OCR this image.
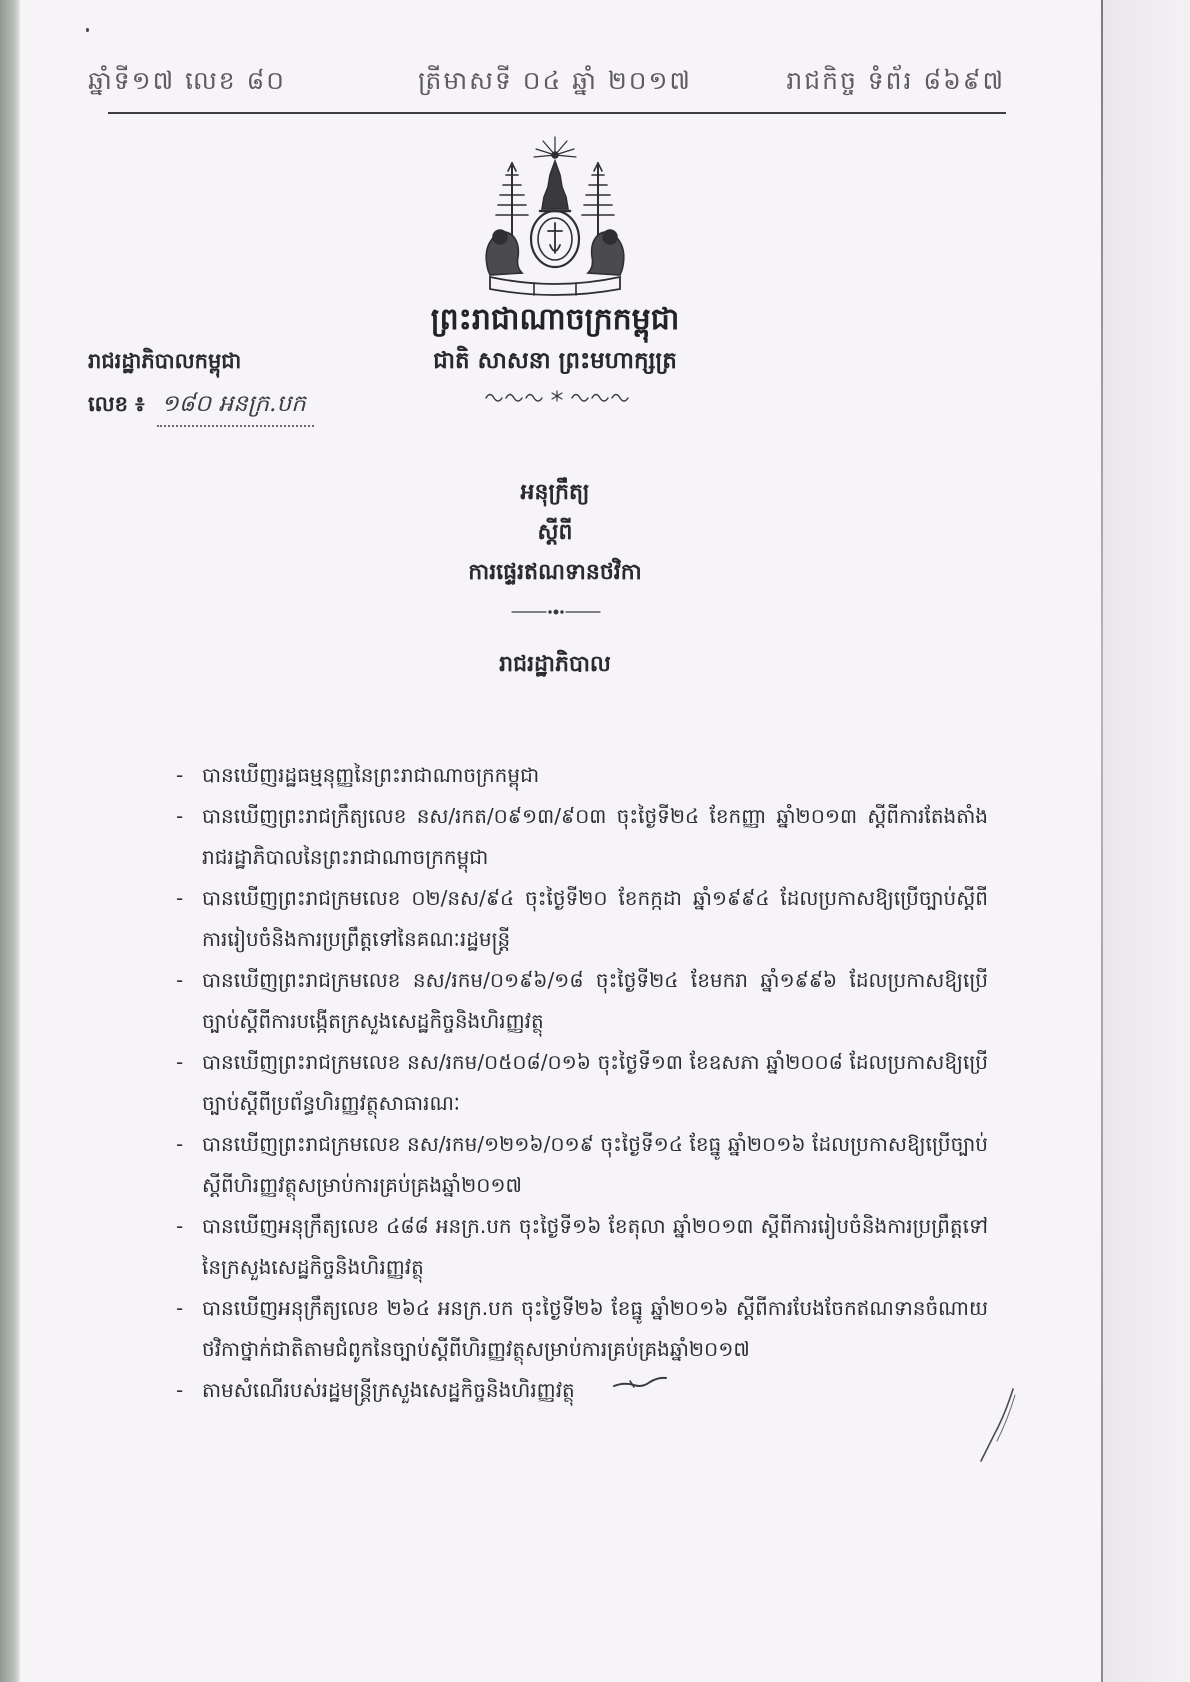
ឆ្នាំទី១៧ លេខ ៨០	ត្រីមាសទី ០៤ ឆ្នាំ ២០១៧	រាជកិច្ច ទំព័រ ៨៦៩៧
ព្រះរាជាណាចក្រកម្ពុជា
ជាតិ សាសនា ព្រះមហាក្សត្រ
រាជរដ្ឋាភិបាលកម្ពុជា
លេខ ៖ ១៨០ អនក្រ.បក
អនុក្រឹត្យ
ស្តីពី
ការផ្ទេរឥណទានថវិកា
រាជរដ្ឋាភិបាល

- បានឃើញរដ្ឋធម្មនុញ្ញនៃព្រះរាជាណាចក្រកម្ពុជា

- បានឃើញព្រះរាជក្រឹត្យលេខ នស/រកត/០៩១៣/៩០៣ ចុះថ្ងៃទី២៤ ខែកញ្ញា ឆ្នាំ២០១៣ ស្តីពីការតែងតាំងរាជរដ្ឋាភិបាលនៃព្រះរាជាណាចក្រកម្ពុជា

- បានឃើញព្រះរាជក្រមលេខ ០២/នស/៩៤ ចុះថ្ងៃទី២០ ខែកក្កដា ឆ្នាំ១៩៩៤ ដែលប្រកាសឱ្យប្រើច្បាប់ស្តីពីការរៀបចំនិងការប្រព្រឹត្តទៅនៃគណៈរដ្ឋមន្ត្រី

- បានឃើញព្រះរាជក្រមលេខ នស/រកម/០១៩៦/១៨ ចុះថ្ងៃទី២៤ ខែមករា ឆ្នាំ១៩៩៦ ដែលប្រកាសឱ្យប្រើច្បាប់ស្តីពីការបង្កើតក្រសួងសេដ្ឋកិច្ចនិងហិរញ្ញវត្ថុ

- បានឃើញព្រះរាជក្រមលេខ នស/រកម/០៥០៨/០១៦ ចុះថ្ងៃទី១៣ ខែឧសភា ឆ្នាំ២០០៨ ដែលប្រកាសឱ្យប្រើច្បាប់ស្តីពីប្រព័ន្ធហិរញ្ញវត្ថុសាធារណៈ

- បានឃើញព្រះរាជក្រមលេខ នស/រកម/១២១៦/០១៩ ចុះថ្ងៃទី១៤ ខែធ្នូ ឆ្នាំ២០១៦ ដែលប្រកាសឱ្យប្រើច្បាប់ស្តីពីហិរញ្ញវត្ថុសម្រាប់ការគ្រប់គ្រងឆ្នាំ២០១៧

- បានឃើញអនុក្រឹត្យលេខ ៤៨៨ អនក្រ.បក ចុះថ្ងៃទី១៦ ខែតុលា ឆ្នាំ២០១៣ ស្តីពីការរៀបចំនិងការប្រព្រឹត្តទៅនៃក្រសួងសេដ្ឋកិច្ចនិងហិរញ្ញវត្ថុ

- បានឃើញអនុក្រឹត្យលេខ ២៦៤ អនក្រ.បក ចុះថ្ងៃទី២៦ ខែធ្នូ ឆ្នាំ២០១៦ ស្តីពីការបែងចែកឥណទានចំណាយថវិកាថ្នាក់ជាតិតាមជំពូកនៃច្បាប់ស្តីពីហិរញ្ញវត្ថុសម្រាប់ការគ្រប់គ្រងឆ្នាំ២០១៧

- តាមសំណើរបស់រដ្ឋមន្ត្រីក្រសួងសេដ្ឋកិច្ចនិងហិរញ្ញវត្ថុ
